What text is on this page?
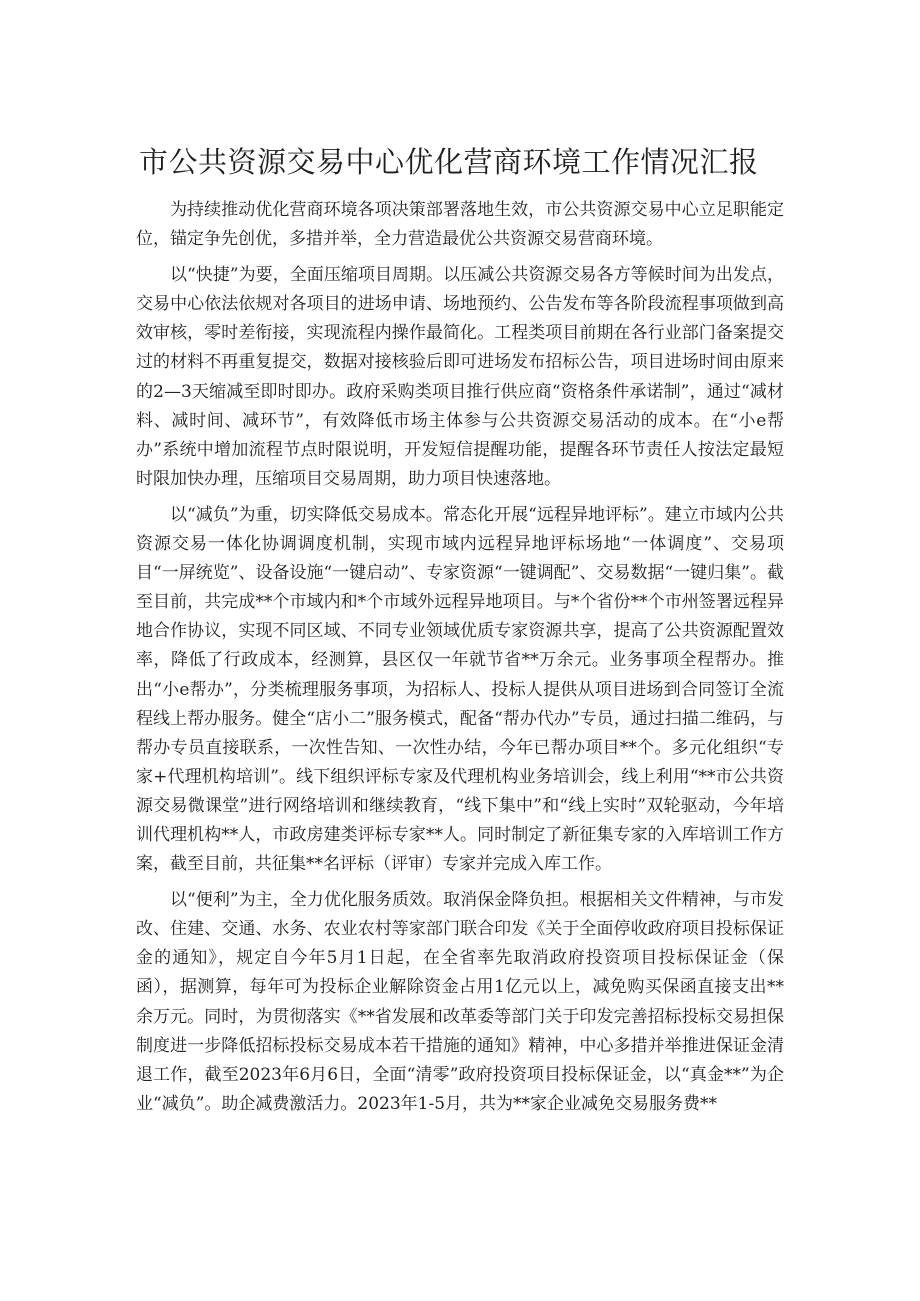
市公共资源交易中心优化营商环境工作情况汇报

为持续推动优化营商环境各项决策部署落地生效，市公共资源交易中心立足职能定位，锚定争先创优，多措并举，全力营造最优公共资源交易营商环境。

以“快捷”为要，全面压缩项目周期。以压减公共资源交易各方等候时间为出发点，交易中心依法依规对各项目的进场申请、场地预约、公告发布等各阶段流程事项做到高效审核，零时差衔接，实现流程内操作最简化。工程类项目前期在各行业部门备案提交过的材料不再重复提交，数据对接核验后即可进场发布招标公告，项目进场时间由原来的2—3天缩减至即时即办。政府采购类项目推行供应商“资格条件承诺制”，通过“减材料、减时间、减环节”，有效降低市场主体参与公共资源交易活动的成本。在“小e帮办”系统中增加流程节点时限说明，开发短信提醒功能，提醒各环节责任人按法定最短时限加快办理，压缩项目交易周期，助力项目快速落地。

以“减负”为重，切实降低交易成本。常态化开展“远程异地评标”。建立市域内公共资源交易一体化协调调度机制，实现市域内远程异地评标场地“一体调度”、交易项目“一屏统览”、设备设施“一键启动”、专家资源“一键调配”、交易数据“一键归集”。截至目前，共完成**个市域内和*个市域外远程异地项目。与*个省份**个市州签署远程异地合作协议，实现不同区域、不同专业领域优质专家资源共享，提高了公共资源配置效率，降低了行政成本，经测算，县区仅一年就节省**万余元。业务事项全程帮办。推出“小e帮办”，分类梳理服务事项，为招标人、投标人提供从项目进场到合同签订全流程线上帮办服务。健全“店小二”服务模式，配备“帮办代办”专员，通过扫描二维码，与帮办专员直接联系，一次性告知、一次性办结，今年已帮办项目**个。多元化组织“专家+代理机构培训”。线下组织评标专家及代理机构业务培训会，线上利用“**市公共资源交易微课堂”进行网络培训和继续教育，“线下集中”和“线上实时”双轮驱动，今年培训代理机构**人，市政房建类评标专家**人。同时制定了新征集专家的入库培训工作方案，截至目前，共征集**名评标（评审）专家并完成入库工作。

以“便利”为主，全力优化服务质效。取消保金降负担。根据相关文件精神，与市发改、住建、交通、水务、农业农村等家部门联合印发《关于全面停收政府项目投标保证金的通知》，规定自今年5月1日起，在全省率先取消政府投资项目投标保证金（保函），据测算，每年可为投标企业解除资金占用1亿元以上，减免购买保函直接支出**余万元。同时，为贯彻落实《**省发展和改革委等部门关于印发完善招标投标交易担保制度进一步降低招标投标交易成本若干措施的通知》精神，中心多措并举推进保证金清退工作，截至2023年6月6日，全面“清零”政府投资项目投标保证金，以“真金**”为企业“减负”。助企减费激活力。2023年1-5月，共为**家企业减免交易服务费**
